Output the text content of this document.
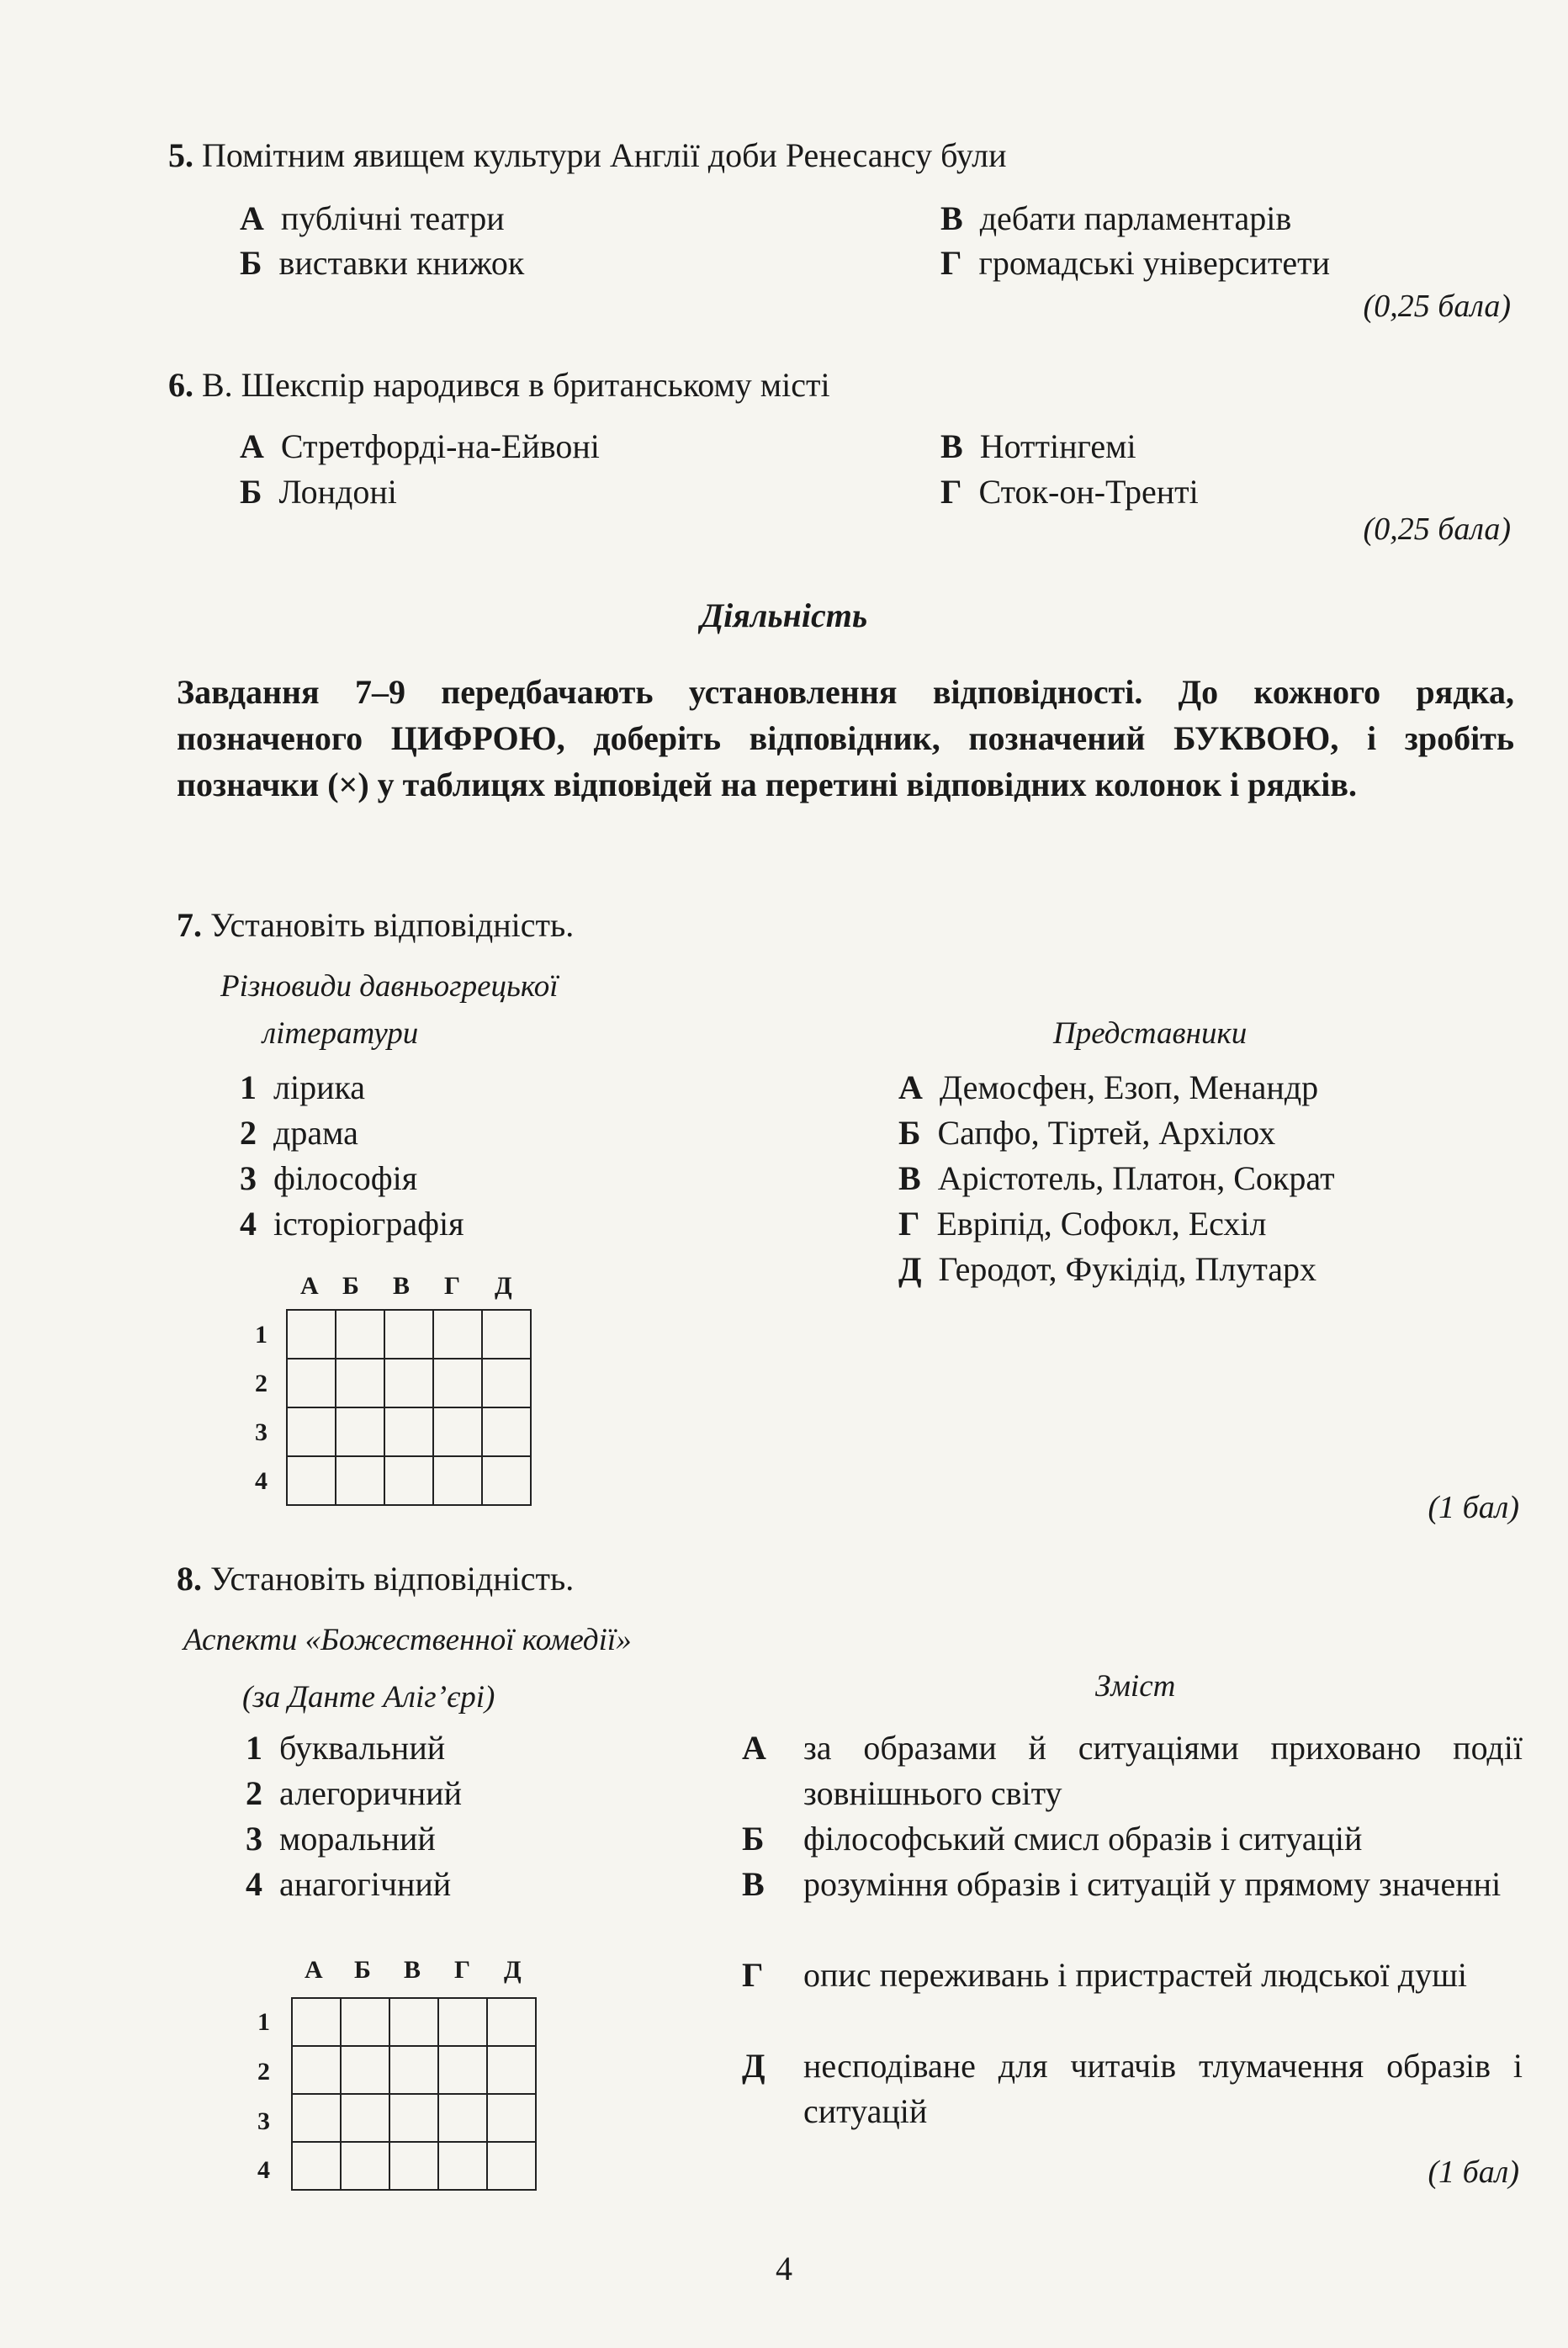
5. Помітним явищем культури Англії доби Ренесансу були
А публічні театри
Б виставки книжок
В дебати парламентарів
Г громадські університети
(0,25 бала)
6. В. Шекспір народився в британському місті
А Стретфорді-на-Ейвоні
Б Лондоні
В Ноттінгемі
Г Сток-он-Тренті
(0,25 бала)
Діяльність
Завдання 7–9 передбачають установлення відповідності. До кожного рядка, позначеного ЦИФРОЮ, доберіть відповідник, позначений БУКВОЮ, і зробіть позначки (×) у таблицях відповідей на перетині відповідних колонок і рядків.
7. Установіть відповідність.
Різновиди давньогрецької
літератури	Представники
1 лірика
2 драма
3 філософія
4 історіографія
А Демосфен, Езоп, Менандр
Б Сапфо, Тіртей, Архілох
В Арістотель, Платон, Сократ
Г Евріпід, Софокл, Есхіл
Д Геродот, Фукідід, Плутарх
А Б В Г Д
1
2
3
4

(1 бал)
8. Установіть відповідність.
Аспекти «Божественної комедії»
(за Данте Аліг’єрі)	Зміст
1 буквальний
2 алегоричний
3 моральний
4 анагогічний
А за образами й ситуаціями приховано події зовнішнього світу
Б філософський смисл образів і ситуацій
В розуміння образів і ситуацій у прямому значенні
Г опис переживань і пристрастей людської душі
Д несподіване для читачів тлумачення образів і ситуацій
А Б В Г Д
1
2
3
4

					(1 бал)
4
